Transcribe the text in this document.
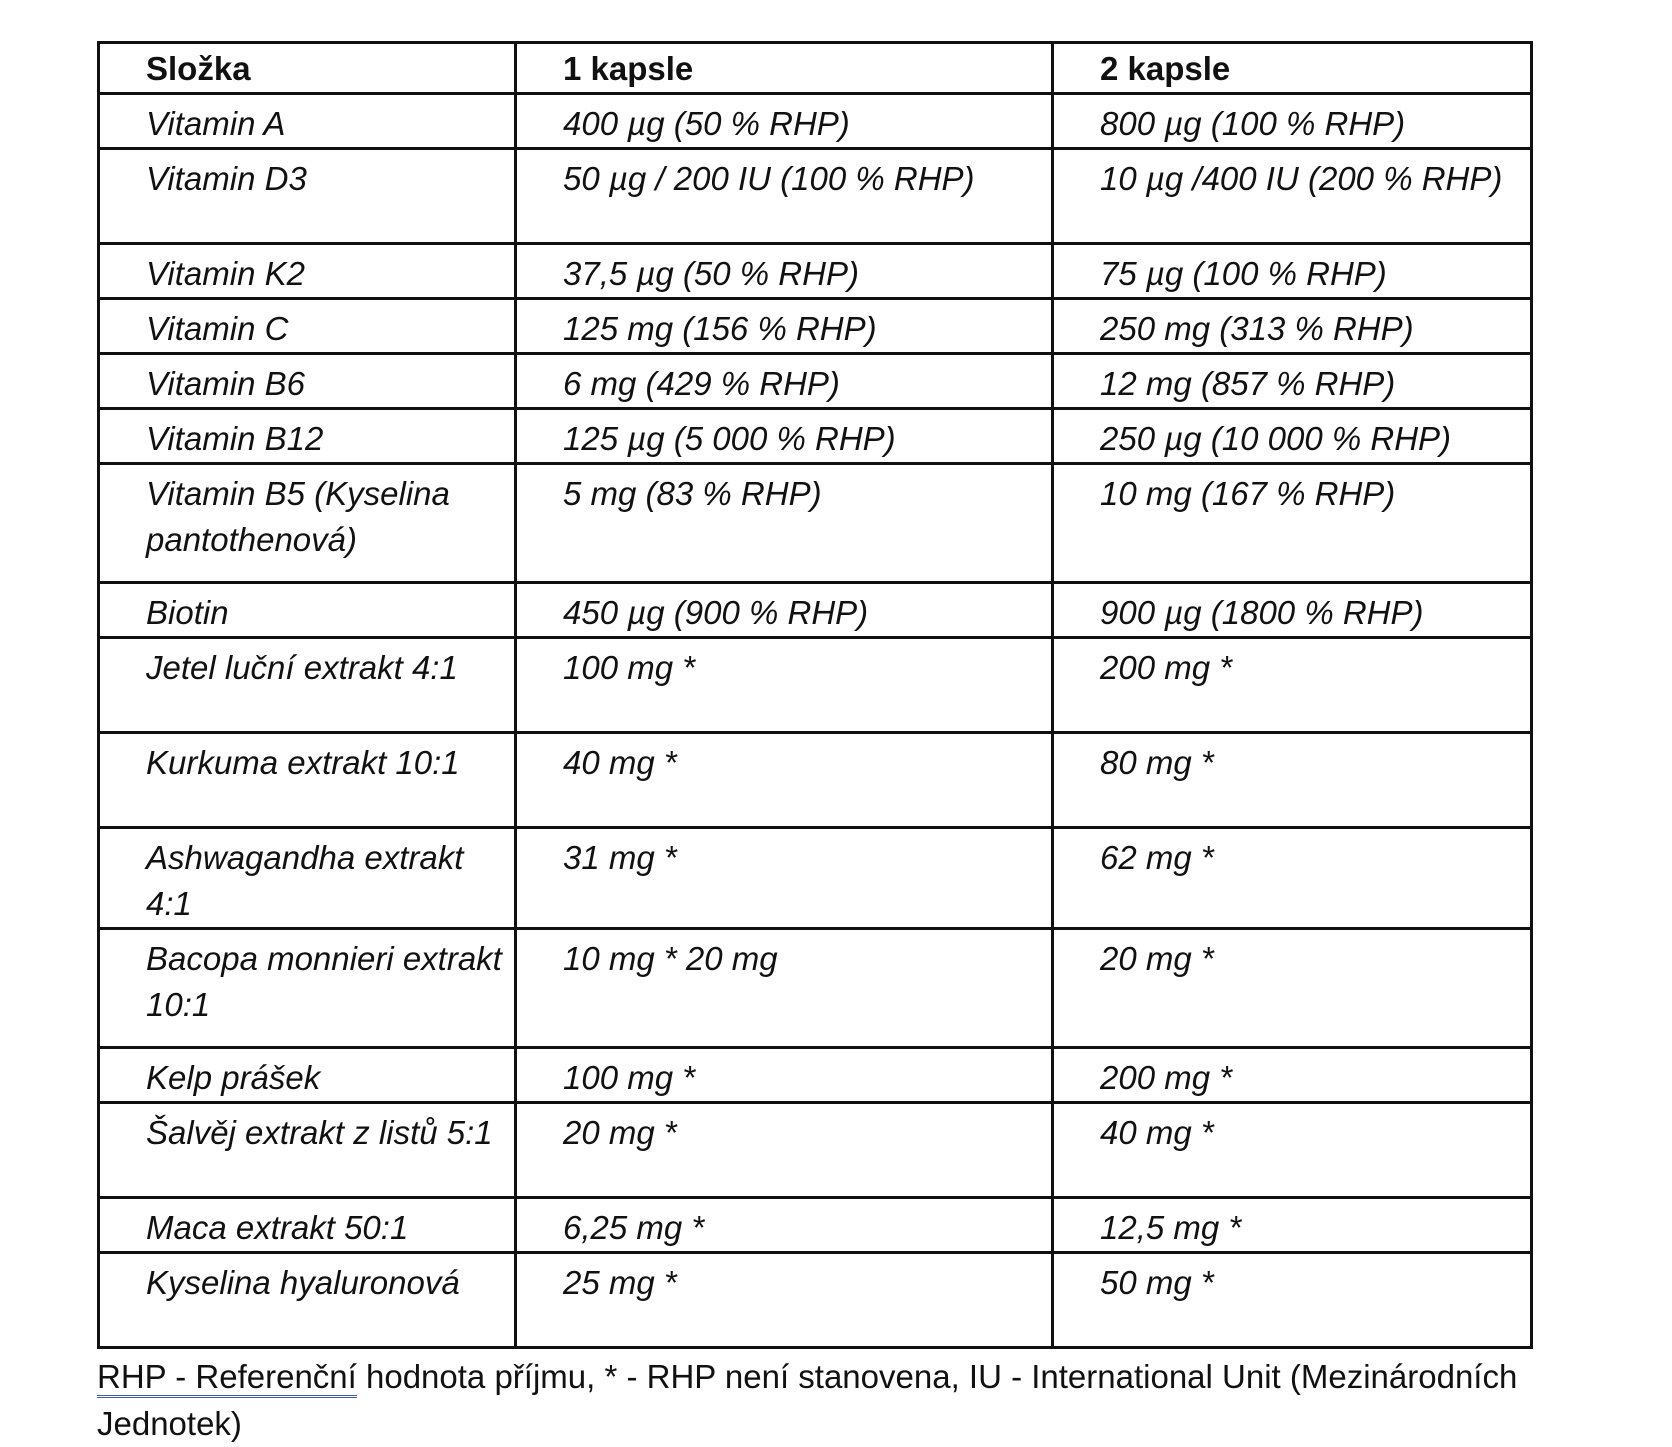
Složka	1 kapsle	2 kapsle
Vitamin A	400 µg (50 % RHP)	800 µg (100 % RHP)
Vitamin D3	50 µg / 200 IU (100 % RHP)	10 µg /400 IU (200 % RHP)
Vitamin K2	37,5 µg (50 % RHP)	75 µg (100 % RHP)
Vitamin C	125 mg (156 % RHP)	250 mg (313 % RHP)
Vitamin B6	6 mg (429 % RHP)	12 mg (857 % RHP)
Vitamin B12	125 µg (5 000 % RHP)	250 µg (10 000 % RHP)
Vitamin B5 (Kyselina pantothenová)	5 mg (83 % RHP)	10 mg (167 % RHP)
Biotin	450 µg (900 % RHP)	900 µg (1800 % RHP)
Jetel luční extrakt 4:1	100 mg *	200 mg *
Kurkuma extrakt 10:1	40 mg *	80 mg *
Ashwagandha extrakt 4:1	31 mg *	62 mg *
Bacopa monnieri extrakt 10:1	10 mg * 20 mg	20 mg *
Kelp prášek	100 mg *	200 mg *
Šalvěj extrakt z listů 5:1	20 mg *	40 mg *
Maca extrakt 50:1	6,25 mg *	12,5 mg *
Kyselina hyaluronová	25 mg *	50 mg *
RHP - Referenční hodnota příjmu, * - RHP není stanovena, IU - International Unit (Mezinárodních Jednotek)
